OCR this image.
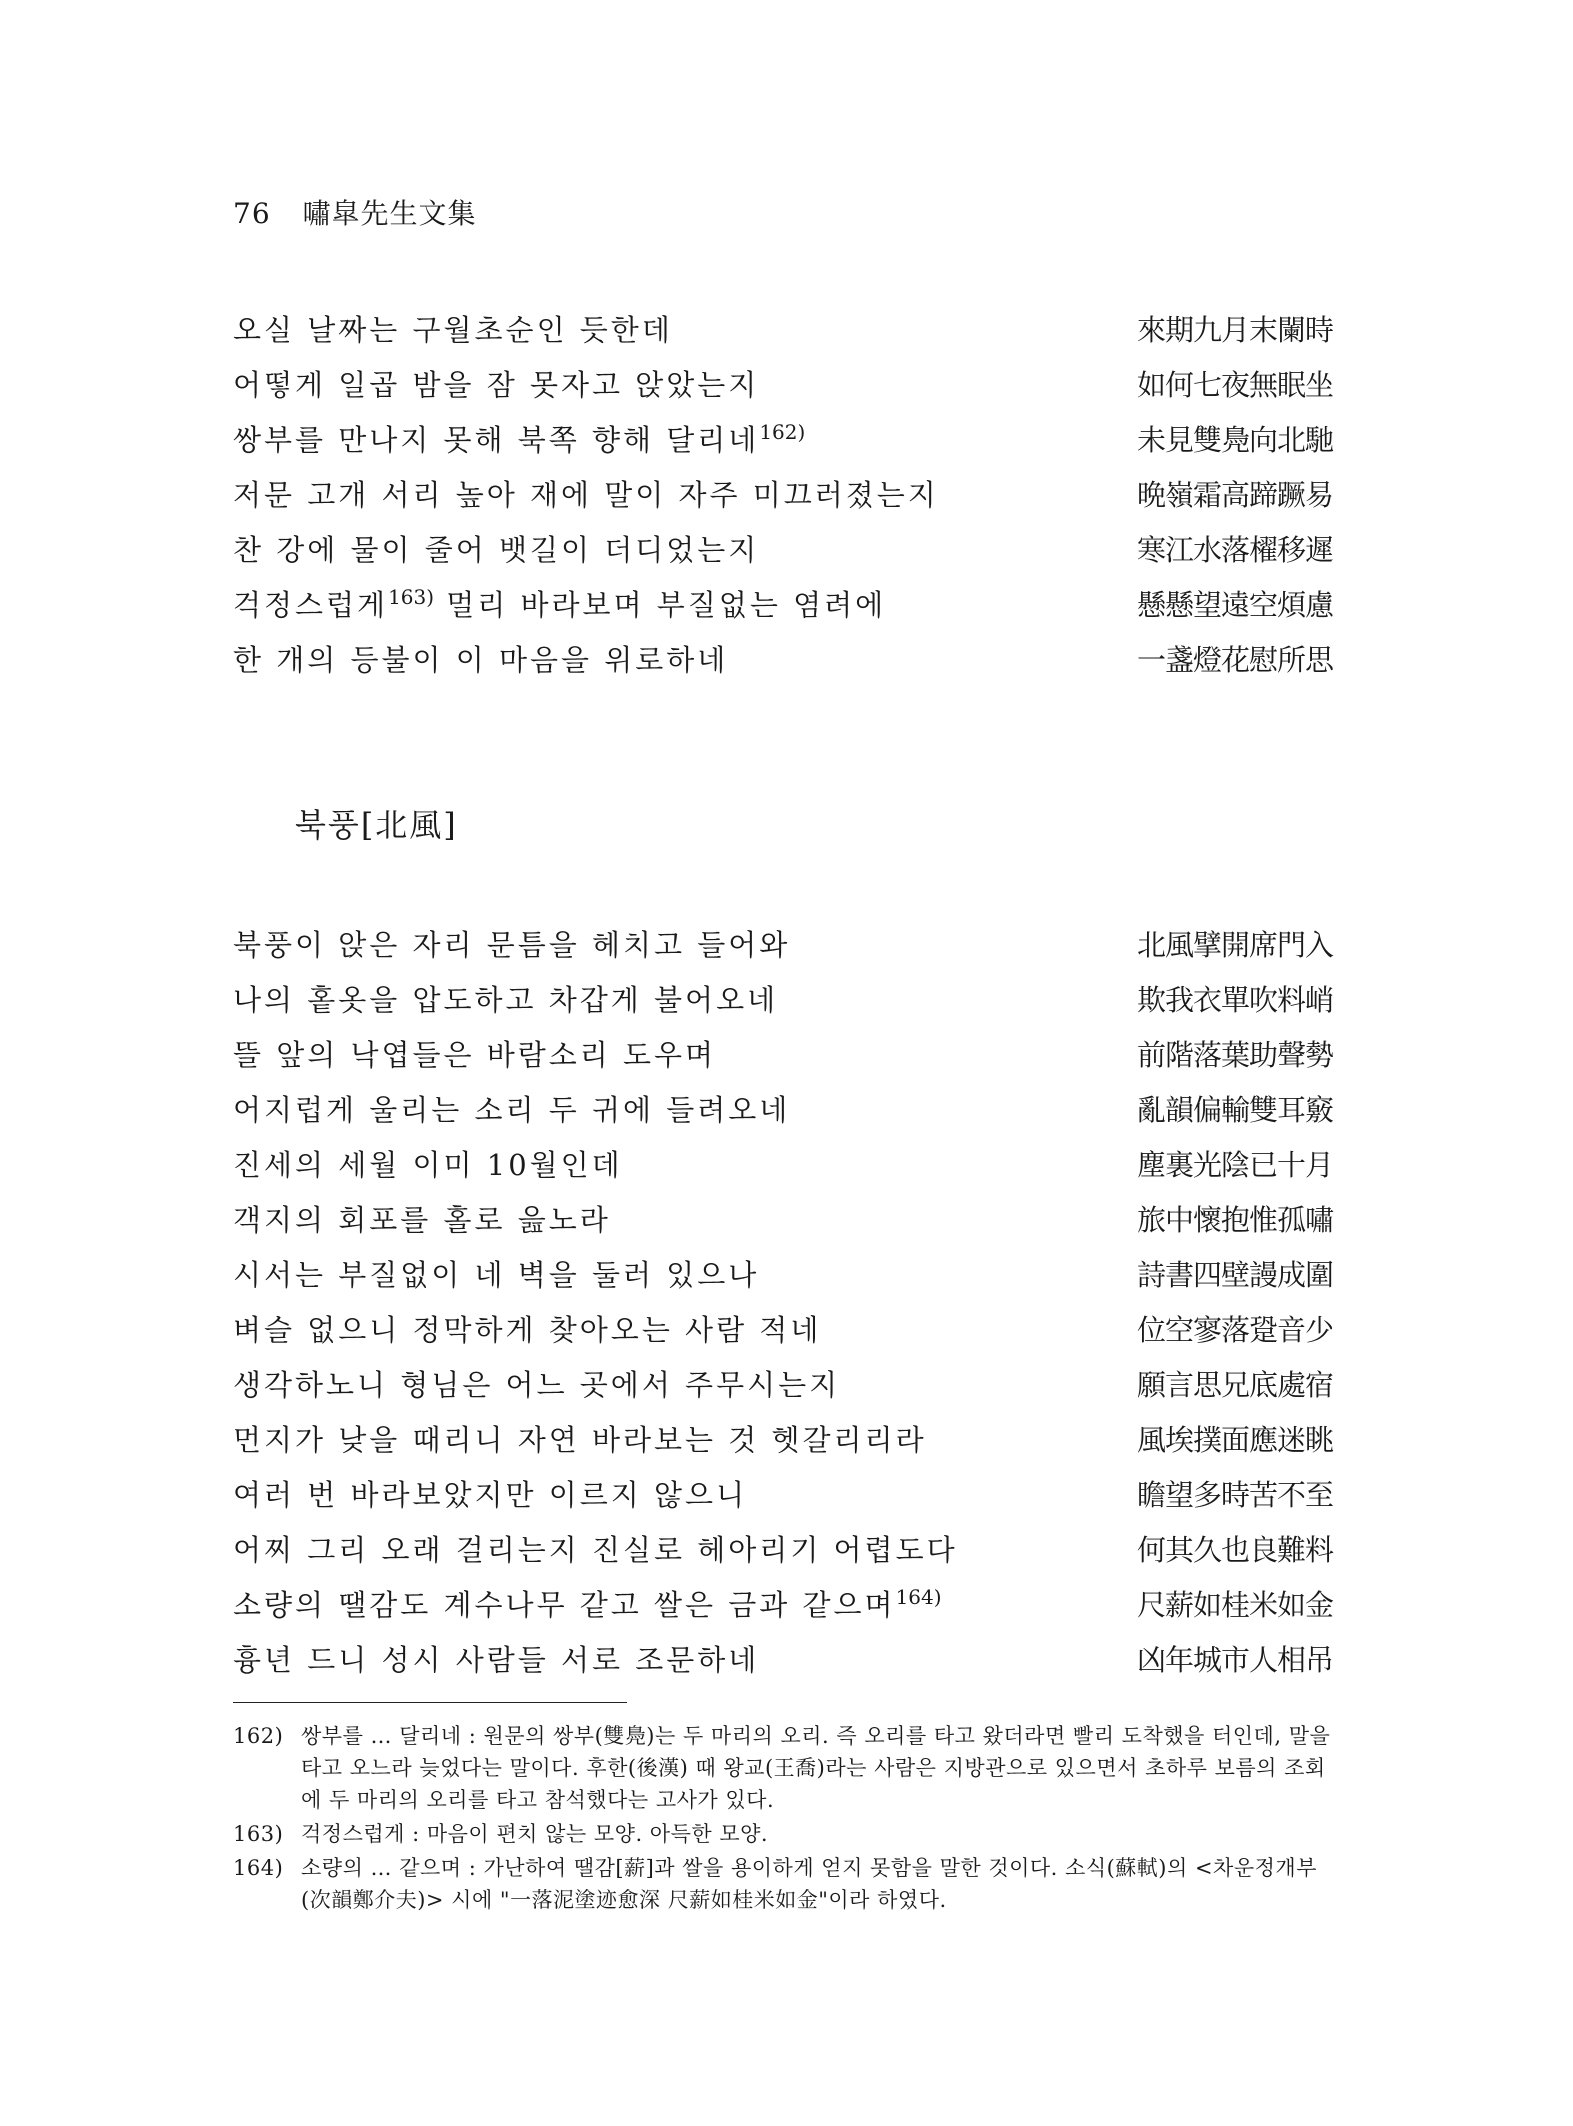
76 嘯皐先生文集
오실 날짜는 구월초순인 듯한데	來期九月末闌時
어떻게 일곱 밤을 잠 못자고 앉았는지	如何七夜無眠坐
쌍부를 만나지 못해 북쪽 향해 달리네$^{162)}$	未見雙鳧向北馳
저문 고개 서리 높아 재에 말이 자주 미끄러졌는지	晩嶺霜高蹄蹶易
찬 강에 물이 줄어 뱃길이 더디었는지	寒江水落櫂移遲
걱정스럽게$^{163)}$ 멀리 바라보며 부질없는 염려에	懸懸望遠空煩慮
한 개의 등불이 이 마음을 위로하네	一盞燈花慰所思
북풍[北風]
북풍이 앉은 자리 문틈을 헤치고 들어와	北風擘開席門入
나의 홑옷을 압도하고 차갑게 불어오네	欺我衣單吹料峭
뜰 앞의 낙엽들은 바람소리 도우며	前階落葉助聲勢
어지럽게 울리는 소리 두 귀에 들려오네	亂韻偏輸雙耳竅
진세의 세월 이미 10월인데	塵裏光陰已十月
객지의 회포를 홀로 읊노라	旅中懷抱惟孤嘯
시서는 부질없이 네 벽을 둘러 있으나	詩書四壁謾成圍
벼슬 없으니 정막하게 찾아오는 사람 적네	位空寥落跫音少
생각하노니 형님은 어느 곳에서 주무시는지	願言思兄底處宿
먼지가 낮을 때리니 자연 바라보는 것 헷갈리리라	風埃撲面應迷眺
여러 번 바라보았지만 이르지 않으니	瞻望多時苦不至
어찌 그리 오래 걸리는지 진실로 헤아리기 어렵도다	何其久也良難料
소량의 땔감도 계수나무 같고 쌀은 금과 같으며$^{164)}$	尺薪如桂米如金
흉년 드니 성시 사람들 서로 조문하네	凶年城市人相吊
162) 쌍부를 … 달리네 : 원문의 쌍부(雙鳧)는 두 마리의 오리. 즉 오리를 타고 왔더라면 빨리 도착했을 터인데, 말을 타고 오느라 늦었다는 말이다. 후한(後漢) 때 왕교(王喬)라는 사람은 지방관으로 있으면서 초하루 보름의 조회에 두 마리의 오리를 타고 참석했다는 고사가 있다.
163) 걱정스럽게 : 마음이 편치 않는 모양. 아득한 모양.
164) 소량의 … 같으며 : 가난하여 땔감[薪]과 쌀을 용이하게 얻지 못함을 말한 것이다. 소식(蘇軾)의 <차운정개부(次韻鄭介夫)> 시에 "一落泥塗迹愈深 尺薪如桂米如金"이라 하였다.
